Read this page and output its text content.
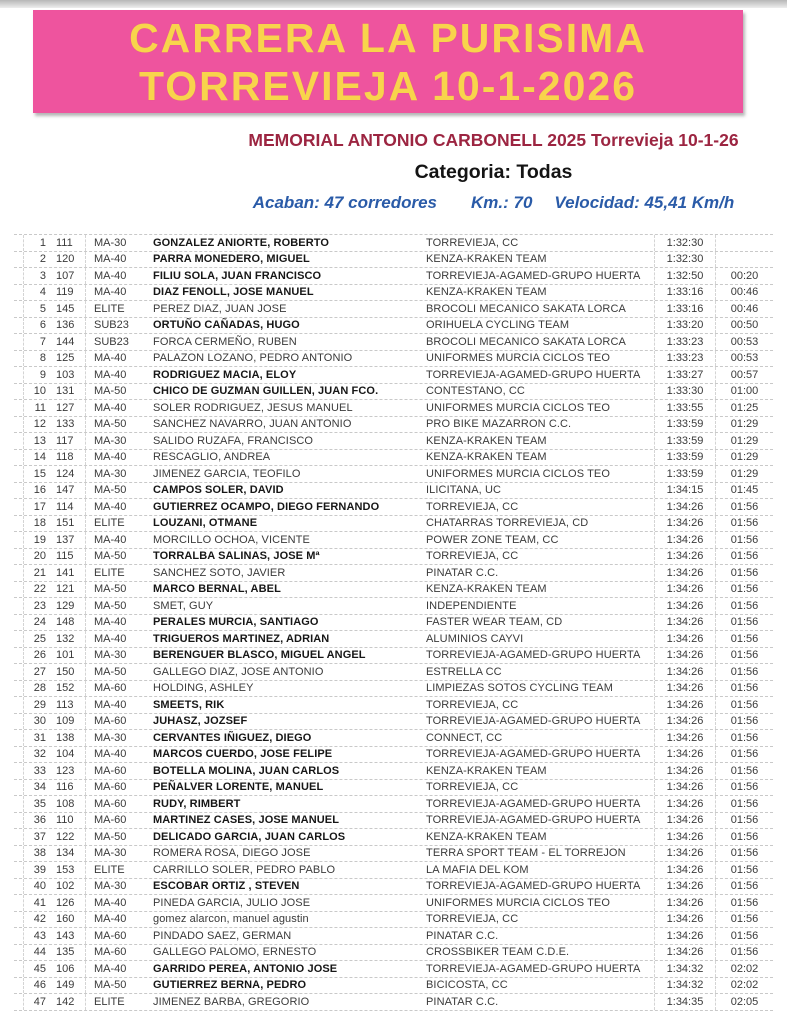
CARRERA LA PURISIMA
TORREVIEJA 10-1-2026
MEMORIAL ANTONIO CARBONELL 2025 Torrevieja 10-1-26
Categoria: Todas
Acaban: 47 corredores Km.: 70 Velocidad: 45,41 Km/h
1 111	MA-30	GONZALEZ ANIORTE, ROBERTO	TORREVIEJA, CC	1:32:30
2 120	MA-40	PARRA MONEDERO, MIGUEL	KENZA-KRAKEN TEAM	1:32:30
3 107	MA-40	FILIU SOLA, JUAN FRANCISCO	TORREVIEJA-AGAMED-GRUPO HUERTA	1:32:50	00:20
4 119	MA-40	DIAZ FENOLL, JOSE MANUEL	KENZA-KRAKEN TEAM	1:33:16	00:46
5 145	ELITE	PEREZ DIAZ, JUAN JOSE	BROCOLI MECANICO SAKATA LORCA	1:33:16	00:46
6 136	SUB23	ORTUÑO CAÑADAS, HUGO	ORIHUELA CYCLING TEAM	1:33:20	00:50
7 144	SUB23	FORCA CERMEÑO, RUBEN	BROCOLI MECANICO SAKATA LORCA	1:33:23	00:53
8 125	MA-40	PALAZON LOZANO, PEDRO ANTONIO	UNIFORMES MURCIA CICLOS TEO	1:33:23	00:53
9 103	MA-40	RODRIGUEZ MACIA, ELOY	TORREVIEJA-AGAMED-GRUPO HUERTA	1:33:27	00:57
10 131	MA-50	CHICO DE GUZMAN GUILLEN, JUAN FCO.	CONTESTANO, CC	1:33:30	01:00
11 127	MA-40	SOLER RODRIGUEZ, JESUS MANUEL	UNIFORMES MURCIA CICLOS TEO	1:33:55	01:25
12 133	MA-50	SANCHEZ NAVARRO, JUAN ANTONIO	PRO BIKE MAZARRON C.C.	1:33:59	01:29
13 117	MA-30	SALIDO RUZAFA, FRANCISCO	KENZA-KRAKEN TEAM	1:33:59	01:29
14 118	MA-40	RESCAGLIO, ANDREA	KENZA-KRAKEN TEAM	1:33:59	01:29
15 124	MA-30	JIMENEZ GARCIA, TEOFILO	UNIFORMES MURCIA CICLOS TEO	1:33:59	01:29
16 147	MA-50	CAMPOS SOLER, DAVID	ILICITANA, UC	1:34:15	01:45
17 114	MA-40	GUTIERREZ OCAMPO, DIEGO FERNANDO	TORREVIEJA, CC	1:34:26	01:56
18 151	ELITE	LOUZANI, OTMANE	CHATARRAS TORREVIEJA, CD	1:34:26	01:56
19 137	MA-40	MORCILLO OCHOA, VICENTE	POWER ZONE TEAM, CC	1:34:26	01:56
20 115	MA-50	TORRALBA SALINAS, JOSE Mª	TORREVIEJA, CC	1:34:26	01:56
21 141	ELITE	SANCHEZ SOTO, JAVIER	PINATAR C.C.	1:34:26	01:56
22 121	MA-50	MARCO BERNAL, ABEL	KENZA-KRAKEN TEAM	1:34:26	01:56
23 129	MA-50	SMET, GUY	INDEPENDIENTE	1:34:26	01:56
24 148	MA-40	PERALES MURCIA, SANTIAGO	FASTER WEAR TEAM, CD	1:34:26	01:56
25 132	MA-40	TRIGUEROS MARTINEZ, ADRIAN	ALUMINIOS CAYVI	1:34:26	01:56
26 101	MA-30	BERENGUER BLASCO, MIGUEL ANGEL	TORREVIEJA-AGAMED-GRUPO HUERTA	1:34:26	01:56
27 150	MA-50	GALLEGO DIAZ, JOSE ANTONIO	ESTRELLA CC	1:34:26	01:56
28 152	MA-60	HOLDING, ASHLEY	LIMPIEZAS SOTOS CYCLING TEAM	1:34:26	01:56
29 113	MA-40	SMEETS, RIK	TORREVIEJA, CC	1:34:26	01:56
30 109	MA-60	JUHASZ, JOZSEF	TORREVIEJA-AGAMED-GRUPO HUERTA	1:34:26	01:56
31 138	MA-30	CERVANTES IÑIGUEZ, DIEGO	CONNECT, CC	1:34:26	01:56
32 104	MA-40	MARCOS CUERDO, JOSE FELIPE	TORREVIEJA-AGAMED-GRUPO HUERTA	1:34:26	01:56
33 123	MA-60	BOTELLA MOLINA, JUAN CARLOS	KENZA-KRAKEN TEAM	1:34:26	01:56
34 116	MA-60	PEÑALVER LORENTE, MANUEL	TORREVIEJA, CC	1:34:26	01:56
35 108	MA-60	RUDY, RIMBERT	TORREVIEJA-AGAMED-GRUPO HUERTA	1:34:26	01:56
36 110	MA-60	MARTINEZ CASES, JOSE MANUEL	TORREVIEJA-AGAMED-GRUPO HUERTA	1:34:26	01:56
37 122	MA-50	DELICADO GARCIA, JUAN CARLOS	KENZA-KRAKEN TEAM	1:34:26	01:56
38 134	MA-30	ROMERA ROSA, DIEGO JOSE	TERRA SPORT TEAM - EL TORREJON	1:34:26	01:56
39 153	ELITE	CARRILLO SOLER, PEDRO PABLO	LA MAFIA DEL KOM	1:34:26	01:56
40 102	MA-30	ESCOBAR ORTIZ , STEVEN	TORREVIEJA-AGAMED-GRUPO HUERTA	1:34:26	01:56
41 126	MA-40	PINEDA GARCIA, JULIO JOSE	UNIFORMES MURCIA CICLOS TEO	1:34:26	01:56
42 160	MA-40	gomez alarcon, manuel agustin	TORREVIEJA, CC	1:34:26	01:56
43 143	MA-60	PINDADO SAEZ, GERMAN	PINATAR C.C.	1:34:26	01:56
44 135	MA-60	GALLEGO PALOMO, ERNESTO	CROSSBIKER TEAM C.D.E.	1:34:26	01:56
45 106	MA-40	GARRIDO PEREA, ANTONIO JOSE	TORREVIEJA-AGAMED-GRUPO HUERTA	1:34:32	02:02
46 149	MA-50	GUTIERREZ BERNA, PEDRO	BICICOSTA, CC	1:34:32	02:02
47 142	ELITE	JIMENEZ BARBA, GREGORIO	PINATAR C.C.	1:34:35	02:05
